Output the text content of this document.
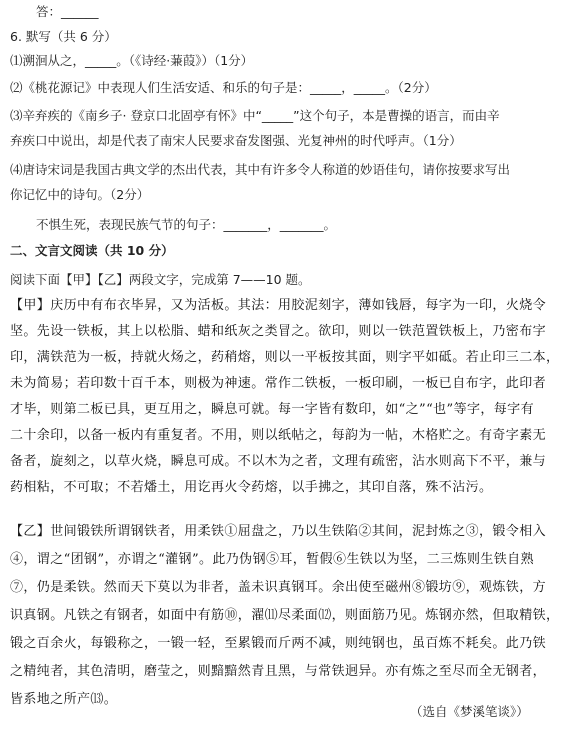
答：______
6. 默写（共 6 分）
⑴溯洄从之，_____。（《诗经·蒹葭》）（1分）
⑵《桃花源记》中表现人们生活安适、和乐的句子是：_____，_____。（2分）
⑶辛弃疾的《南乡子· 登京口北固亭有怀》中“_____”这个句子，本是曹操的语言，而由辛
弃疾口中说出，却是代表了南宋人民要求奋发图强、光复神州的时代呼声。（1分）
⑷唐诗宋词是我国古典文学的杰出代表，其中有许多令人称道的妙语佳句，请你按要求写出
你记忆中的诗句。（2分）
不惧生死，表现民族气节的句子：_______，_______。
二、文言文阅读（共 10 分）
阅读下面【甲】【乙】两段文字，完成第 7——10 题。
【甲】庆历中有布衣毕昇，又为活板。其法：用胶泥刻字，薄如钱唇，每字为一印，火烧令
坚。先设一铁板，其上以松脂、蜡和纸灰之类冒之。欲印，则以一铁范置铁板上，乃密布字
印，满铁范为一板，持就火炀之，药稍熔，则以一平板按其面，则字平如砥。若止印三二本，
未为简易；若印数十百千本，则极为神速。常作二铁板，一板印刷，一板已自布字，此印者
才毕，则第二板已具，更互用之，瞬息可就。每一字皆有数印，如“之”“也”等字，每字有
二十余印，以备一板内有重复者。不用，则以纸帖之，每韵为一帖，木格贮之。有奇字素无
备者，旋刻之，以草火烧，瞬息可成。不以木为之者，文理有疏密，沾水则高下不平，兼与
药相粘，不可取；不若燔土，用讫再火令药熔，以手拂之，其印自落，殊不沾污。
【乙】世间锻铁所谓钢铁者，用柔铁①屈盘之，乃以生铁陷②其间，泥封炼之③，锻令相入
④，谓之“团钢”，亦谓之“灌钢”。此乃伪钢⑤耳，暂假⑥生铁以为坚，二三炼则生铁自熟
⑦，仍是柔铁。然而天下莫以为非者，盖未识真钢耳。余出使至磁州⑧锻坊⑨，观炼铁，方
识真钢。凡铁之有钢者，如面中有筋⑩，濯⑾尽柔面⑿，则面筋乃见。炼钢亦然，但取精铁，
锻之百余火，每锻称之，一锻一轻，至累锻而斤两不减，则纯钢也，虽百炼不耗矣。此乃铁
之精纯者，其色清明，磨莹之，则黯黯然青且黑，与常铁迥异。亦有炼之至尽而全无钢者，
皆系地之所产⒀。
（选自《梦溪笔谈》）
